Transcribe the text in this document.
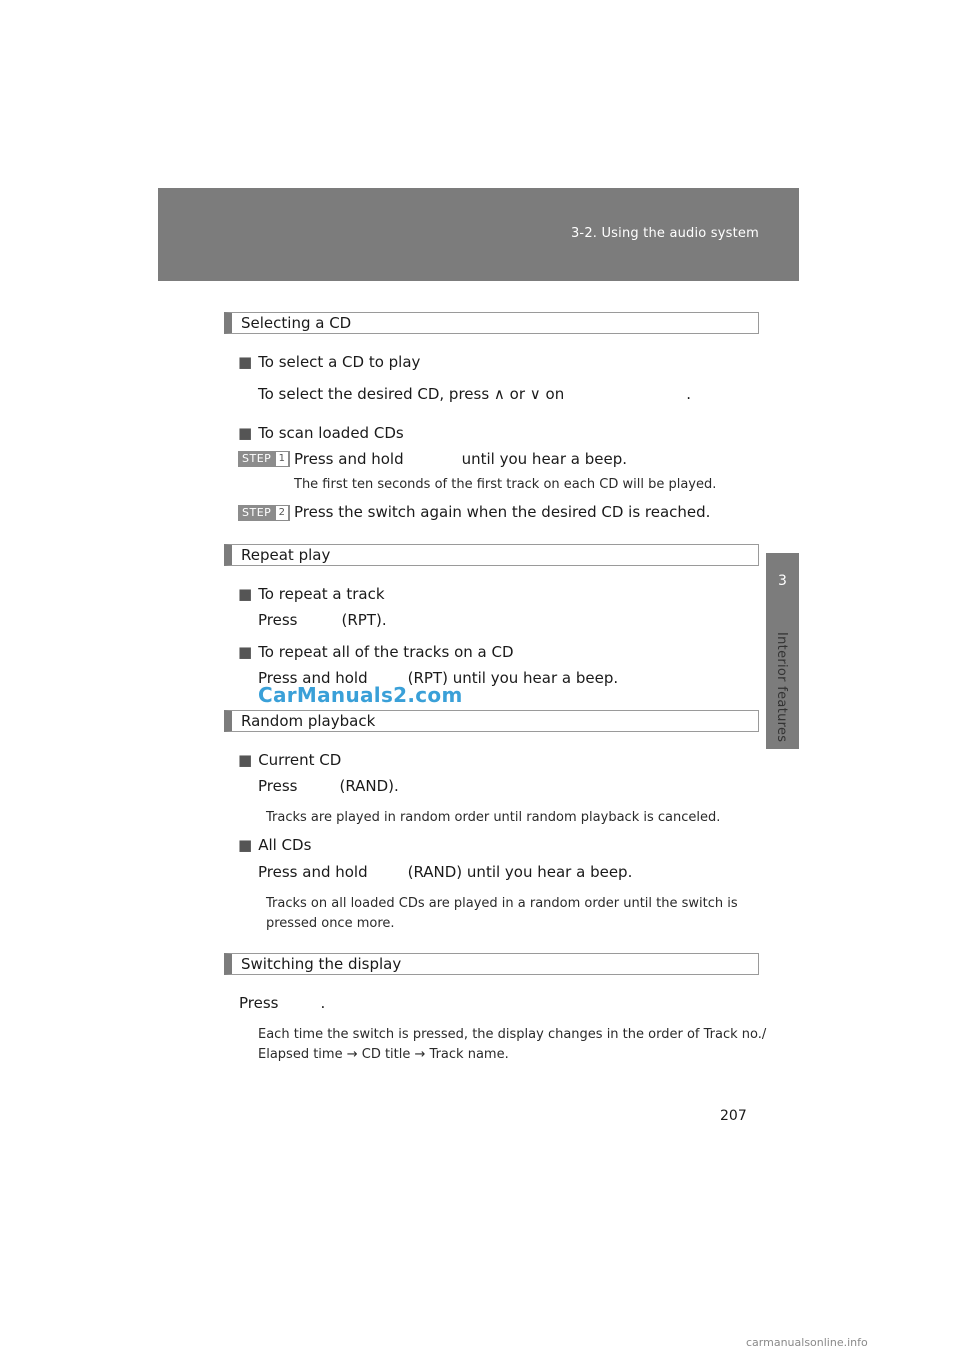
3-2. Using the audio system
3
Interior features
Selecting a CD
■ To select a CD to play
To select the desired CD, press ∧ or ∨ on	.
■ To scan loaded CDs
STEP 1 Press and hold	until you hear a beep.
The first ten seconds of the first track on each CD will be played.
STEP 2 Press the switch again when the desired CD is reached.
Repeat play
■ To repeat a track
Press	(RPT).
■ To repeat all of the tracks on a CD
Press and hold	(RPT) until you hear a beep.
CarManuals2.com
Random playback
■ Current CD
Press	(RAND).
Tracks are played in random order until random playback is canceled.
■ All CDs
Press and hold	(RAND) until you hear a beep.
Tracks on all loaded CDs are played in a random order until the switch is
pressed once more.
Switching the display
Press	.
Each time the switch is pressed, the display changes in the order of Track no./
Elapsed time → CD title → Track name.
207
carmanualsonline.info
